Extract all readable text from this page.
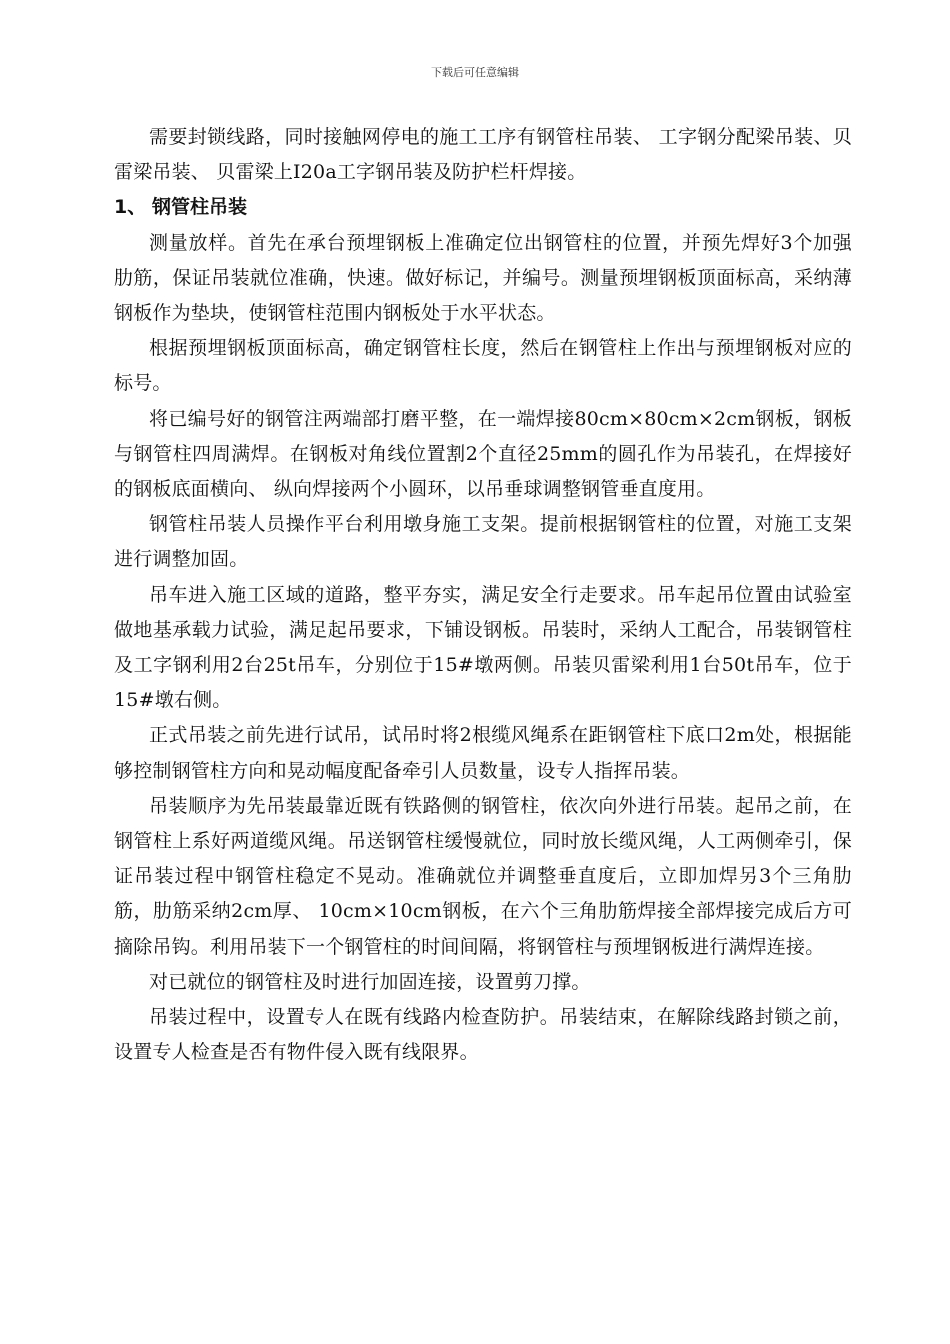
下载后可任意编辑

需要封锁线路，同时接触网停电的施工工序有钢管柱吊装、 工字钢分配梁吊装、贝雷梁吊装、 贝雷梁上I20a工字钢吊装及防护栏杆焊接。

1、 钢管柱吊装

测量放样。首先在承台预埋钢板上准确定位出钢管柱的位置，并预先焊好3个加强肋筋，保证吊装就位准确，快速。做好标记，并编号。测量预埋钢板顶面标高，采纳薄钢板作为垫块，使钢管柱范围内钢板处于水平状态。

根据预埋钢板顶面标高，确定钢管柱长度，然后在钢管柱上作出与预埋钢板对应的标号。

将已编号好的钢管注两端部打磨平整，在一端焊接80cm×80cm×2cm钢板，钢板与钢管柱四周满焊。在钢板对角线位置割2个直径25mm的圆孔作为吊装孔，在焊接好的钢板底面横向、 纵向焊接两个小圆环，以吊垂球调整钢管垂直度用。

钢管柱吊装人员操作平台利用墩身施工支架。提前根据钢管柱的位置，对施工支架进行调整加固。

吊车进入施工区域的道路，整平夯实，满足安全行走要求。吊车起吊位置由试验室做地基承载力试验，满足起吊要求，下铺设钢板。吊装时，采纳人工配合，吊装钢管柱及工字钢利用2台25t吊车，分别位于15#墩两侧。吊装贝雷梁利用1台50t吊车，位于15#墩右侧。

正式吊装之前先进行试吊，试吊时将2根缆风绳系在距钢管柱下底口2m处，根据能够控制钢管柱方向和晃动幅度配备牵引人员数量，设专人指挥吊装。

吊装顺序为先吊装最靠近既有铁路侧的钢管柱，依次向外进行吊装。起吊之前，在钢管柱上系好两道缆风绳。吊送钢管柱缓慢就位，同时放长缆风绳，人工两侧牵引，保证吊装过程中钢管柱稳定不晃动。准确就位并调整垂直度后，立即加焊另3个三角肋筋，肋筋采纳2cm厚、 10cm×10cm钢板，在六个三角肋筋焊接全部焊接完成后方可摘除吊钩。利用吊装下一个钢管柱的时间间隔，将钢管柱与预埋钢板进行满焊连接。

对已就位的钢管柱及时进行加固连接，设置剪刀撑。

吊装过程中，设置专人在既有线路内检查防护。吊装结束，在解除线路封锁之前，设置专人检查是否有物件侵入既有线限界。
